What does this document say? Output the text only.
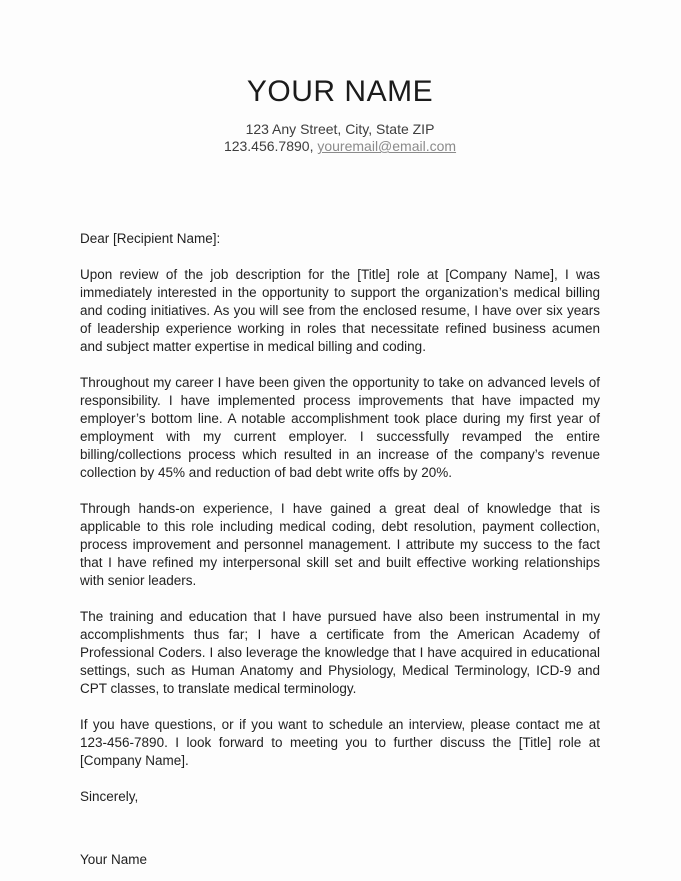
YOUR NAME
123 Any Street, City, State ZIP
123.456.7890, youremail@email.com

Dear [Recipient Name]:

Upon review of the job description for the [Title] role at [Company Name], I was immediately interested in the opportunity to support the organization’s medical billing and coding initiatives. As you will see from the enclosed resume, I have over six years of leadership experience working in roles that necessitate refined business acumen and subject matter expertise in medical billing and coding.

Throughout my career I have been given the opportunity to take on advanced levels of responsibility. I have implemented process improvements that have impacted my employer’s bottom line. A notable accomplishment took place during my first year of employment with my current employer. I successfully revamped the entire billing/collections process which resulted in an increase of the company’s revenue collection by 45% and reduction of bad debt write offs by 20%.

Through hands-on experience, I have gained a great deal of knowledge that is applicable to this role including medical coding, debt resolution, payment collection, process improvement and personnel management. I attribute my success to the fact that I have refined my interpersonal skill set and built effective working relationships with senior leaders.

The training and education that I have pursued have also been instrumental in my accomplishments thus far; I have a certificate from the American Academy of Professional Coders. I also leverage the knowledge that I have acquired in educational settings, such as Human Anatomy and Physiology, Medical Terminology, ICD-9 and CPT classes, to translate medical terminology.

If you have questions, or if you want to schedule an interview, please contact me at 123-456-7890. I look forward to meeting you to further discuss the [Title] role at [Company Name].

Sincerely,

Your Name
